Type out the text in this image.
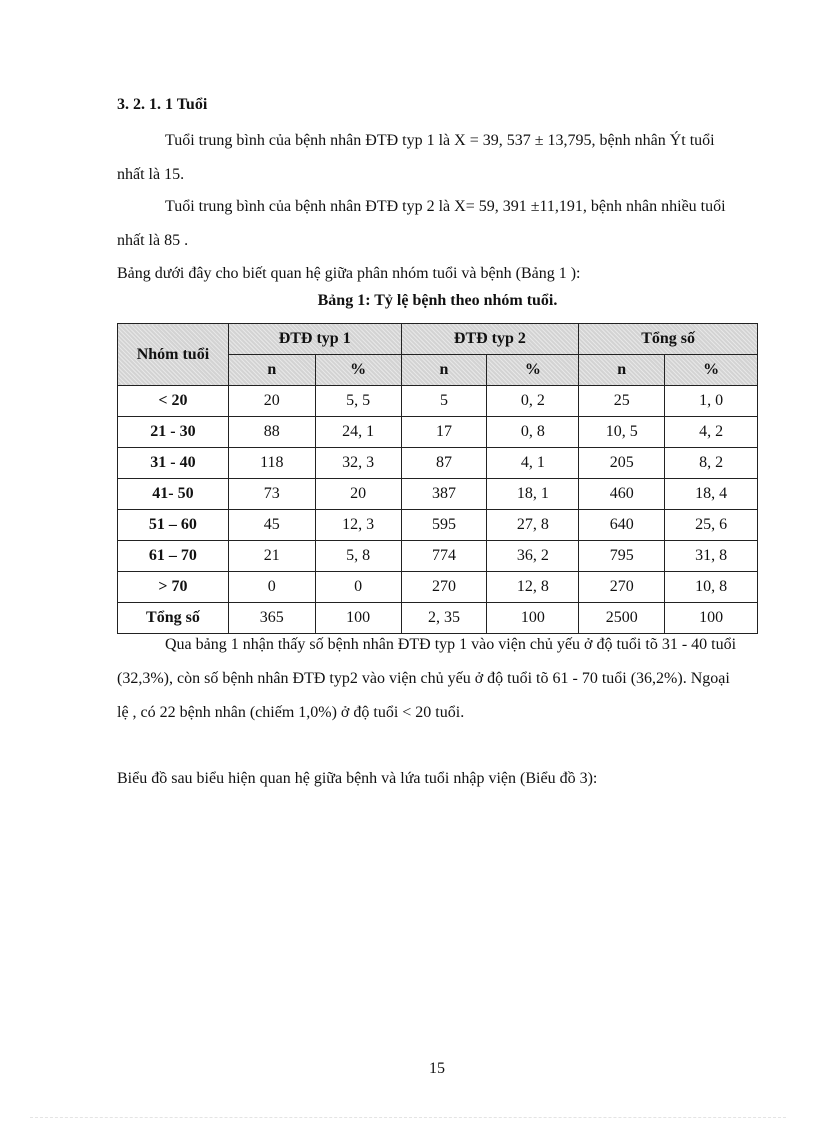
3. 2. 1. 1 Tuổi

Tuổi trung bình của bệnh nhân ĐTĐ typ 1 là X = 39, 537 ± 13,795, bệnh nhân Ýt tuổi nhất là 15.

Tuổi trung bình của bệnh nhân ĐTĐ typ 2 là X= 59, 391 ±11,191, bệnh nhân nhiều tuổi nhất là 85 .

Bảng dưới đây cho biết quan hệ giữa phân nhóm tuổi và bệnh (Bảng 1 ):

Bảng 1: Tỷ lệ bệnh theo nhóm tuổi.
Nhóm tuổi	ĐTĐ typ 1		ĐTĐ typ 2		Tổng số	
	n	%	n	%	n	%
< 20	20	5, 5	5	0, 2	25	1, 0
21 - 30	88	24, 1	17	0, 8	10, 5	4, 2
31 - 40	118	32, 3	87	4, 1	205	8, 2
41- 50	73	20	387	18, 1	460	18, 4
51 – 60	45	12, 3	595	27, 8	640	25, 6
61 – 70	21	5, 8	774	36, 2	795	31, 8
> 70	0	0	270	12, 8	270	10, 8
Tổng số	365	100	2, 35	100	2500	100

Qua bảng 1 nhận thấy số bệnh nhân ĐTĐ typ 1 vào viện chủ yếu ở độ tuổi tõ 31 - 40 tuổi (32,3%), còn số bệnh nhân ĐTĐ typ2 vào viện chủ yếu ở độ tuổi tõ 61 - 70 tuổi (36,2%). Ngoại lệ , có 22 bệnh nhân (chiếm 1,0%) ở độ tuổi < 20 tuổi.

Biểu đồ sau biểu hiện quan hệ giữa bệnh và lứa tuổi nhập viện (Biểu đồ 3):

15
